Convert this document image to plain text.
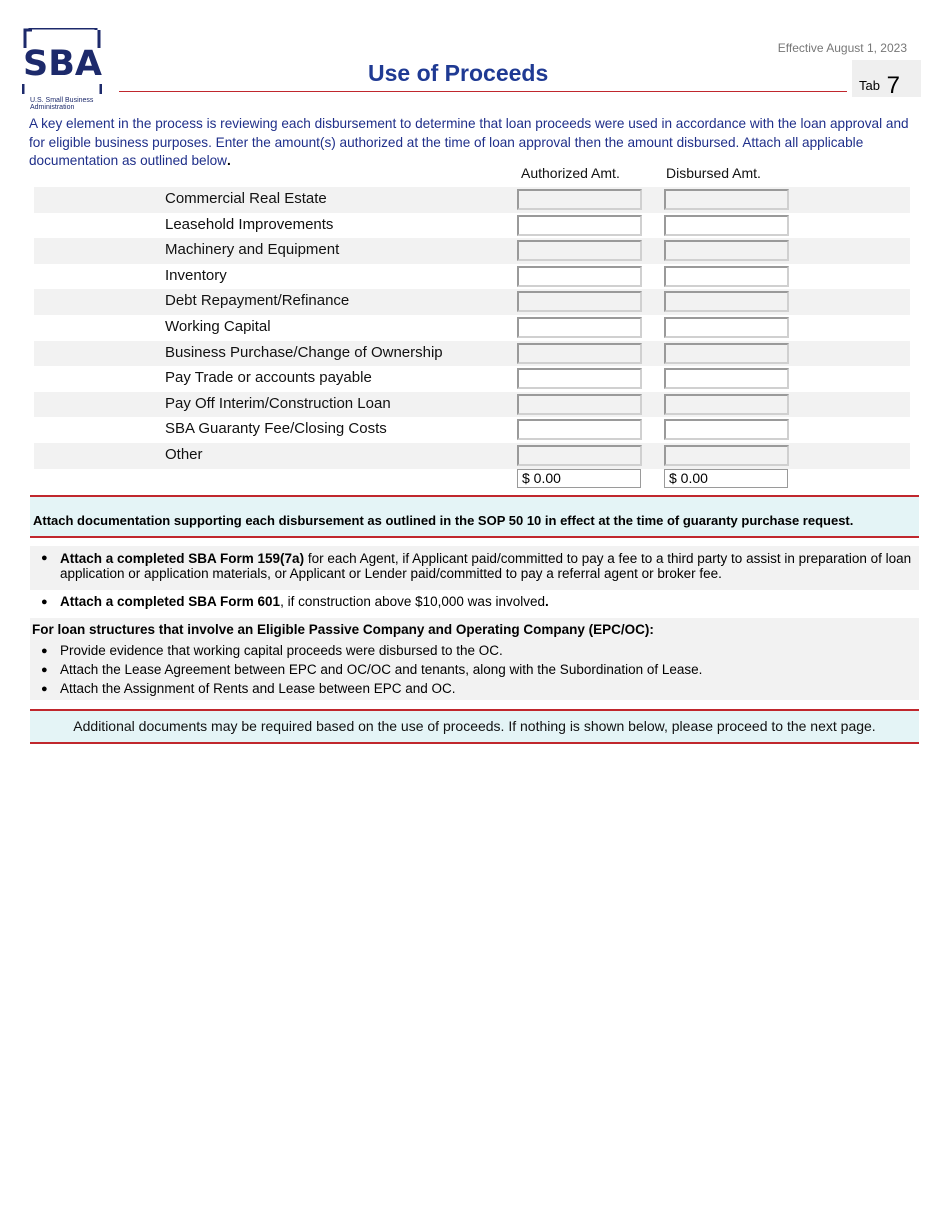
SBA
U.S. Small Business Administration
Effective August 1, 2023
Use of Proceeds	Tab 7
A key element in the process is reviewing each disbursement to determine that loan proceeds were used in accordance with the loan approval and for eligible business purposes. Enter the amount(s) authorized at the time of loan approval then the amount disbursed. Attach all applicable documentation as outlined below.
Authorized Amt.	Disbursed Amt.
Commercial Real Estate
Leasehold Improvements
Machinery and Equipment
Inventory
Debt Repayment/Refinance
Working Capital
Business Purchase/Change of Ownership
Pay Trade or accounts payable
Pay Off Interim/Construction Loan
SBA Guaranty Fee/Closing Costs
Other
$ 0.00	$ 0.00
Attach documentation supporting each disbursement as outlined in the SOP 50 10 in effect at the time of guaranty purchase request.
● Attach a completed SBA Form 159(7a) for each Agent, if Applicant paid/committed to pay a fee to a third party to assist in preparation of loan application or application materials, or Applicant or Lender paid/committed to pay a referral agent or broker fee.
● Attach a completed SBA Form 601, if construction above $10,000 was involved.
For loan structures that involve an Eligible Passive Company and Operating Company (EPC/OC):
● Provide evidence that working capital proceeds were disbursed to the OC.
● Attach the Lease Agreement between EPC and OC/OC and tenants, along with the Subordination of Lease.
● Attach the Assignment of Rents and Lease between EPC and OC.
Additional documents may be required based on the use of proceeds. If nothing is shown below, please proceed to the next page.
